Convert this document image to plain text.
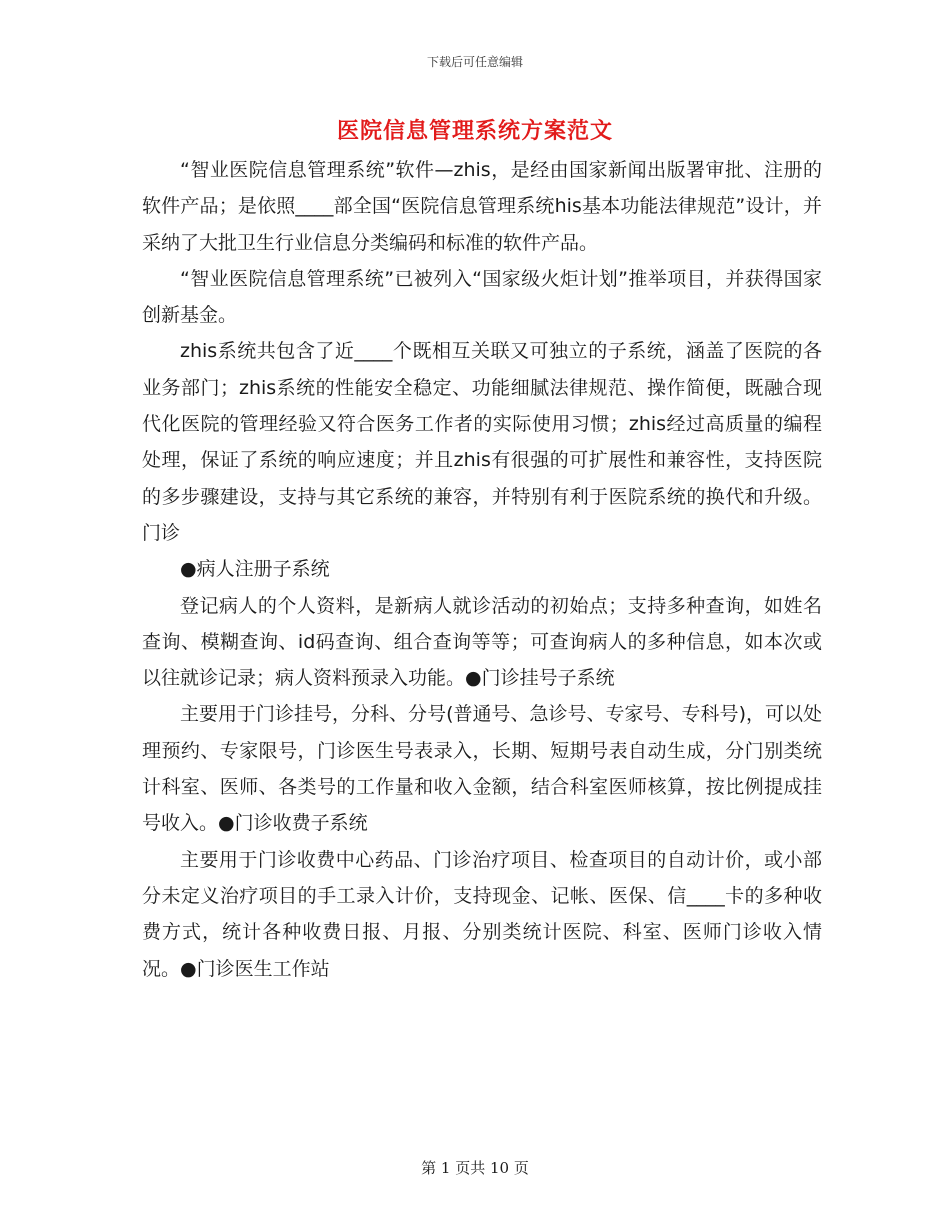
下载后可任意编辑
医院信息管理系统方案范文

“智业医院信息管理系统”软件—zhis，是经由国家新闻出版署审批、注册的软件产品；是依照____部全国“医院信息管理系统his基本功能法律规范”设计，并采纳了大批卫生行业信息分类编码和标准的软件产品。

“智业医院信息管理系统”已被列入“国家级火炬计划”推举项目，并获得国家创新基金。

zhis系统共包含了近____个既相互关联又可独立的子系统，涵盖了医院的各业务部门；zhis系统的性能安全稳定、功能细腻法律规范、操作简便，既融合现代化医院的管理经验又符合医务工作者的实际使用习惯；zhis经过高质量的编程处理，保证了系统的响应速度；并且zhis有很强的可扩展性和兼容性，支持医院的多步骤建设，支持与其它系统的兼容，并特别有利于医院系统的换代和升级。门诊

●病人注册子系统

登记病人的个人资料，是新病人就诊活动的初始点；支持多种查询，如姓名查询、模糊查询、id码查询、组合查询等等；可查询病人的多种信息，如本次或以往就诊记录；病人资料预录入功能。●门诊挂号子系统

主要用于门诊挂号，分科、分号(普通号、急诊号、专家号、专科号)，可以处理预约、专家限号，门诊医生号表录入，长期、短期号表自动生成，分门别类统计科室、医师、各类号的工作量和收入金额，结合科室医师核算，按比例提成挂号收入。●门诊收费子系统

主要用于门诊收费中心药品、门诊治疗项目、检查项目的自动计价，或小部分未定义治疗项目的手工录入计价，支持现金、记帐、医保、信____卡的多种收费方式，统计各种收费日报、月报、分别类统计医院、科室、医师门诊收入情况。●门诊医生工作站

第 1 页共 10 页
